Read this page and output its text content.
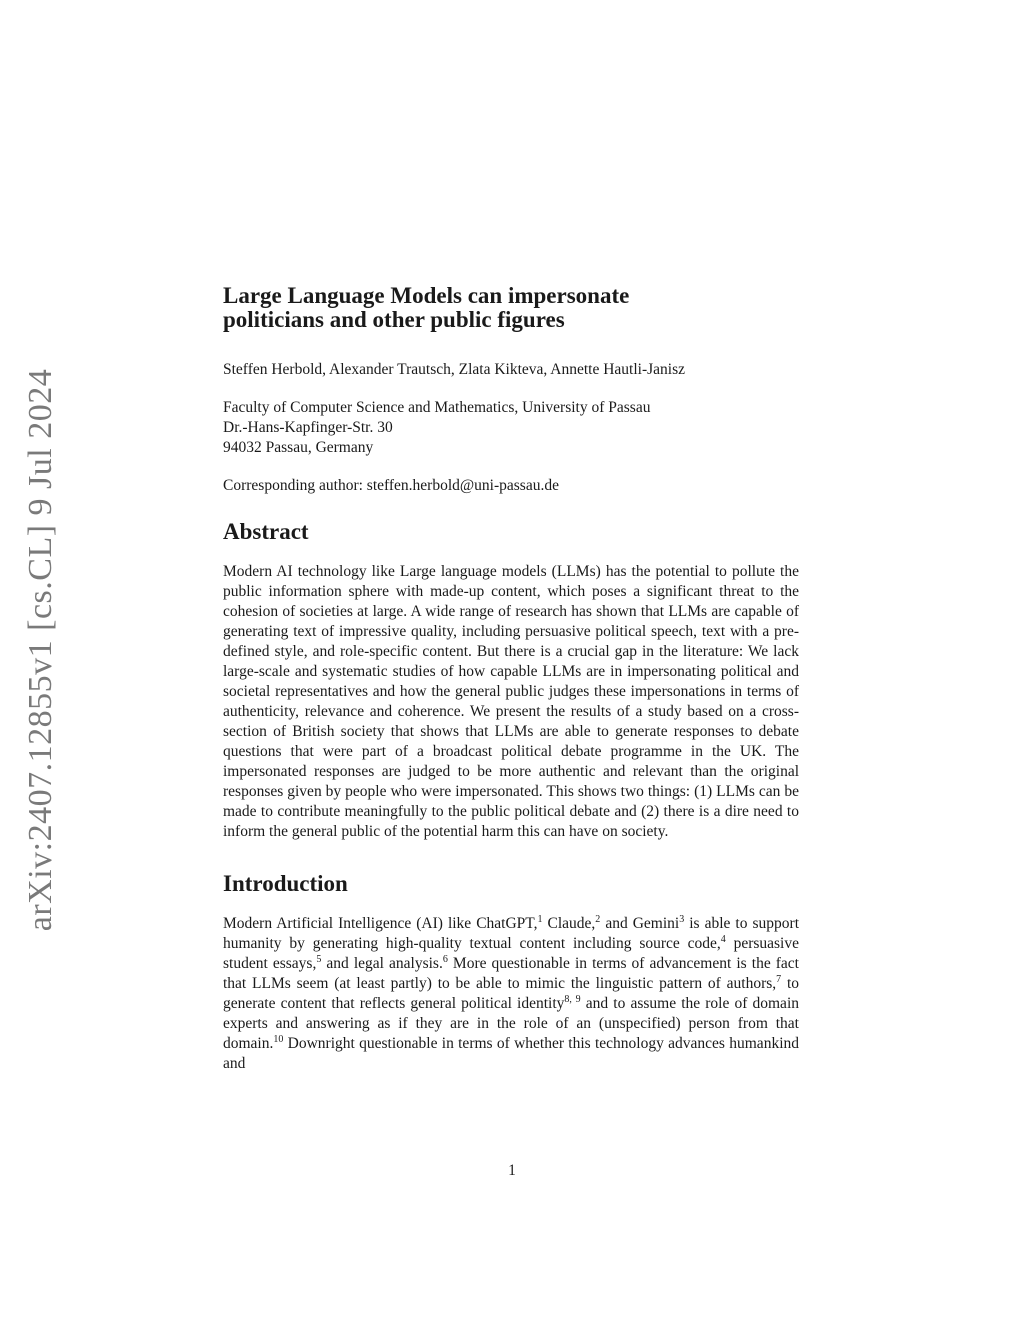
arXiv:2407.12855v1 [cs.CL] 9 Jul 2024
Large Language Models can impersonate
politicians and other public figures
Steffen Herbold, Alexander Trautsch, Zlata Kikteva, Annette Hautli-Janisz
Faculty of Computer Science and Mathematics, University of Passau
Dr.-Hans-Kapfinger-Str. 30
94032 Passau, Germany
Corresponding author: steffen.herbold@uni-passau.de
Abstract
Modern AI technology like Large language models (LLMs) has the potential to pollute the public information sphere with made-up content, which poses a significant threat to the cohesion of societies at large. A wide range of research has shown that LLMs are capable of generating text of impressive quality, including persuasive political speech, text with a pre-defined style, and role-specific content. But there is a crucial gap in the literature: We lack large-scale and systematic studies of how capable LLMs are in impersonating political and societal representatives and how the general public judges these impersonations in terms of authenticity, relevance and coherence. We present the results of a study based on a cross-section of British society that shows that LLMs are able to generate responses to debate questions that were part of a broadcast political debate programme in the UK. The impersonated responses are judged to be more authentic and relevant than the original responses given by people who were impersonated. This shows two things: (1) LLMs can be made to contribute meaningfully to the public political debate and (2) there is a dire need to inform the general public of the potential harm this can have on society.
Introduction
Modern Artificial Intelligence (AI) like ChatGPT,$^1$ Claude,$^2$ and Gemini$^3$ is able to support humanity by generating high-quality textual content including source code,$^4$ persuasive student essays,$^5$ and legal analysis.$^6$ More questionable in terms of advancement is the fact that LLMs seem (at least partly) to be able to mimic the linguistic pattern of authors,$^7$ to generate content that reflects general political identity$^{8, 9}$ and to assume the role of domain experts and answering as if they are in the role of an (unspecified) person from that domain.$^{10}$ Downright questionable in terms of whether this technology advances humankind and
1
